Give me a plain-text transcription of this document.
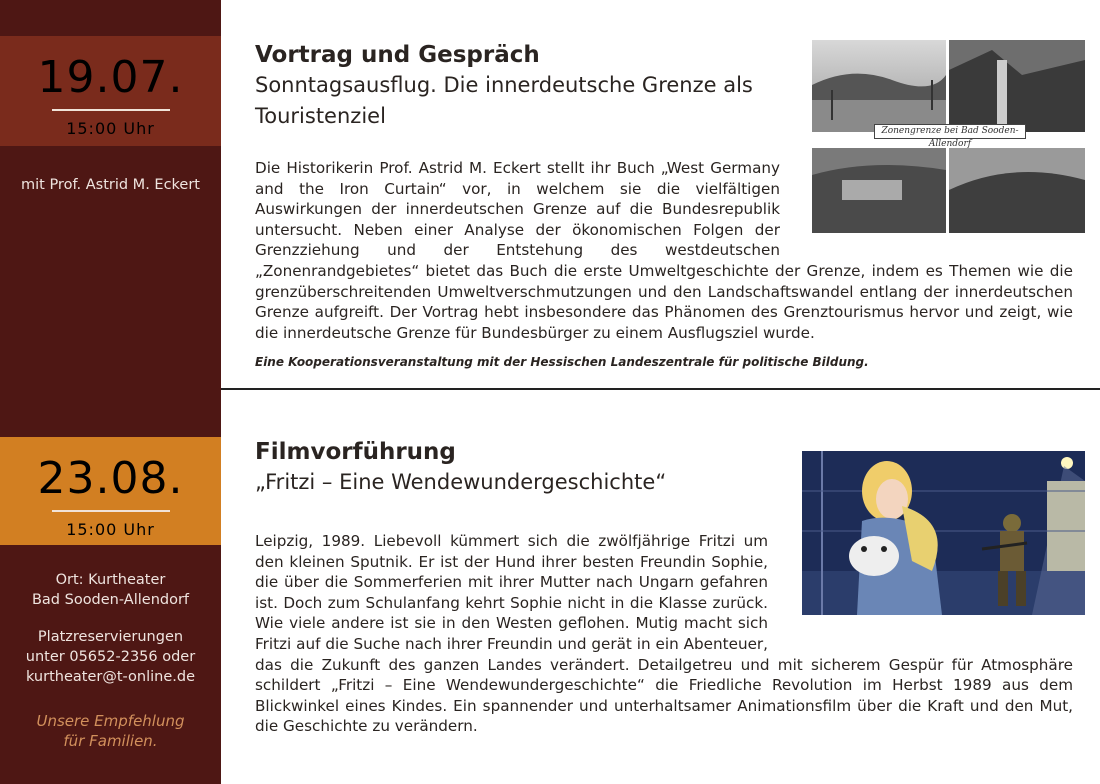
19.07.
15:00 Uhr
mit Prof. Astrid M. Eckert
23.08.
15:00 Uhr
Ort: Kurtheater
Bad Sooden-Allendorf
Platzreservierungen
unter 05652-2356 oder
kurtheater@t-online.de
Unsere Empfehlung
für Familien.
Vortrag und Gespräch
Sonntagsausflug. Die innerdeutsche Grenze als
Touristenziel
Zonengrenze bei Bad Sooden-Allendorf
Die Historikerin Prof. Astrid M. Eckert stellt ihr Buch „West Germany
and the Iron Curtain“ vor, in welchem sie die vielfältigen
Auswirkungen der innerdeutschen Grenze auf die Bundesrepublik
untersucht. Neben einer Analyse der ökonomischen Folgen der
Grenzziehung und der Entstehung des westdeutschen
„Zonenrandgebietes“ bietet das Buch die erste Umweltgeschichte der Grenze, indem es Themen wie die
grenzüberschreitenden Umweltverschmutzungen und den Landschaftswandel entlang der innerdeutschen
Grenze aufgreift. Der Vortrag hebt insbesondere das Phänomen des Grenztourismus hervor und zeigt, wie
die innerdeutsche Grenze für Bundesbürger zu einem Ausflugsziel wurde.
Eine Kooperationsveranstaltung mit der Hessischen Landeszentrale für politische Bildung.
Filmvorführung
„Fritzi – Eine Wendewundergeschichte“
Leipzig, 1989. Liebevoll kümmert sich die zwölfjährige Fritzi um
den kleinen Sputnik. Er ist der Hund ihrer besten Freundin Sophie,
die über die Sommerferien mit ihrer Mutter nach Ungarn gefahren
ist. Doch zum Schulanfang kehrt Sophie nicht in die Klasse zurück.
Wie viele andere ist sie in den Westen geflohen. Mutig macht sich
Fritzi auf die Suche nach ihrer Freundin und gerät in ein Abenteuer,
das die Zukunft des ganzen Landes verändert. Detailgetreu und mit sicherem Gespür für Atmosphäre
schildert „Fritzi – Eine Wendewundergeschichte“ die Friedliche Revolution im Herbst 1989 aus dem
Blickwinkel eines Kindes. Ein spannender und unterhaltsamer Animationsfilm über die Kraft und den Mut,
die Geschichte zu verändern.
